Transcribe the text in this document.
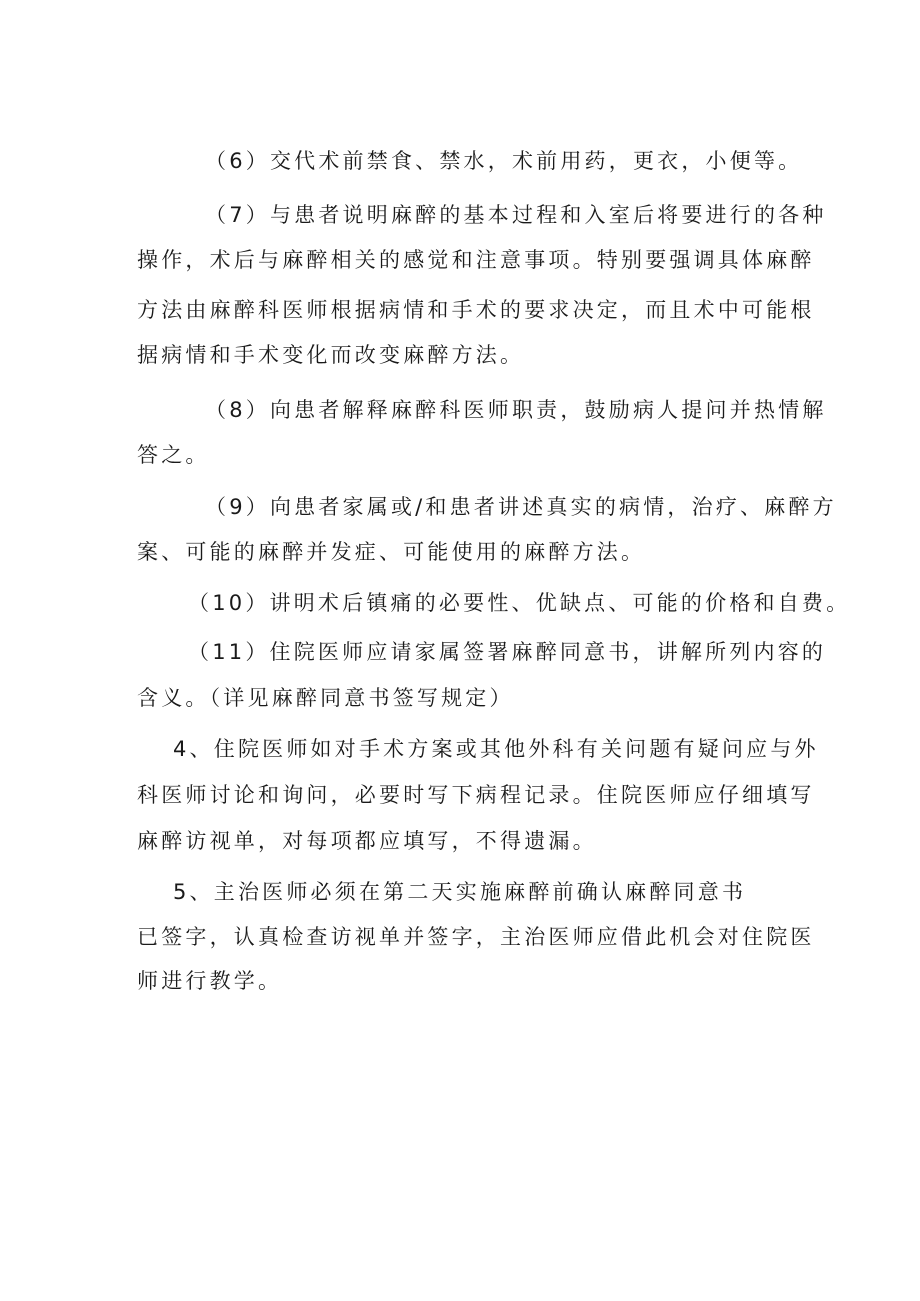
（6）交代术前禁食、禁水，术前用药，更衣，小便等。
（7）与患者说明麻醉的基本过程和入室后将要进行的各种
操作，术后与麻醉相关的感觉和注意事项。特别要强调具体麻醉
方法由麻醉科医师根据病情和手术的要求决定，而且术中可能根
据病情和手术变化而改变麻醉方法。
（8）向患者解释麻醉科医师职责，鼓励病人提问并热情解
答之。
（9）向患者家属或/和患者讲述真实的病情，治疗、麻醉方
案、可能的麻醉并发症、可能使用的麻醉方法。
（10）讲明术后镇痛的必要性、优缺点、可能的价格和自费。
（11）住院医师应请家属签署麻醉同意书，讲解所列内容的
含义。（详见麻醉同意书签写规定）
4、住院医师如对手术方案或其他外科有关问题有疑问应与外
科医师讨论和询问，必要时写下病程记录。住院医师应仔细填写
麻醉访视单，对每项都应填写，不得遗漏。
5、主治医师必须在第二天实施麻醉前确认麻醉同意书
已签字，认真检查访视单并签字，主治医师应借此机会对住院医
师进行教学。
